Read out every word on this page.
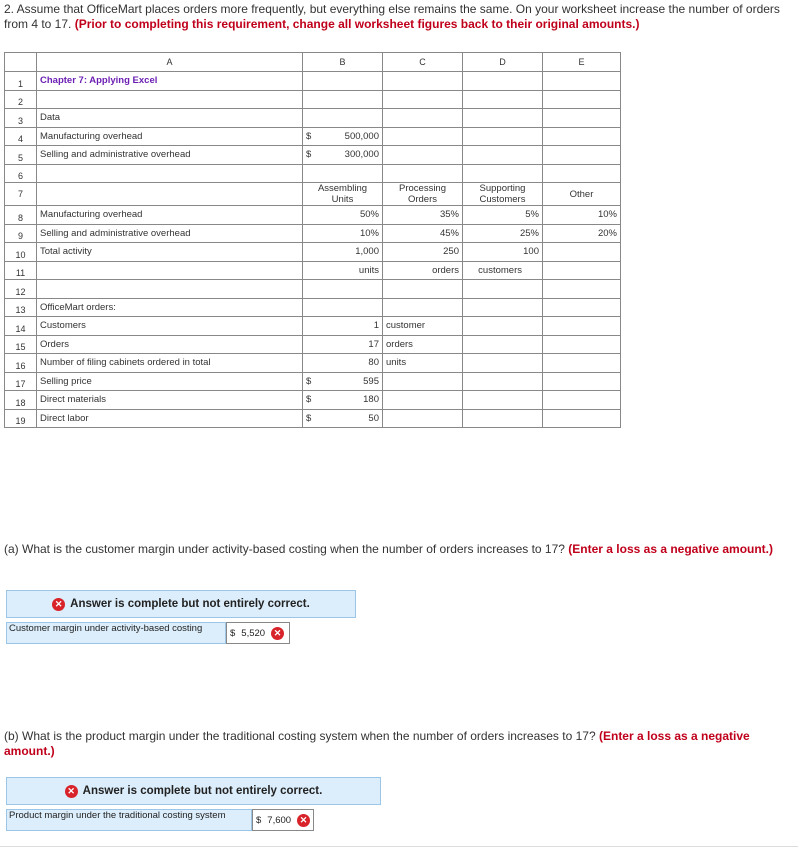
2. Assume that OfficeMart places orders more frequently, but everything else remains the same. On your worksheet increase the number of orders from 4 to 17. (Prior to completing this requirement, change all worksheet figures back to their original amounts.)
	A	B	C	D	E
1	Chapter 7: Applying Excel				
2					
3	Data				
4	Manufacturing overhead	$ 500,000			

5	Selling and administrative overhead	$ 300,000			

6					
7		Assembling Units	Processing Orders	Supporting Customers	Other
8	Manufacturing overhead	50%	35%	5%	10%
9	Selling and administrative overhead	10%	45%	25%	20%
10	Total activity	1,000	250	100	
11		units	orders	customers	
12					
13	OfficeMart orders:				
14	Customers	1	customer		
15	Orders	17	orders		
16	Number of filing cabinets ordered in total	80	units		
17	Selling price	$ 595			

18	Direct materials	$ 180			

19	Direct labor	$ 50			

(a) What is the customer margin under activity-based costing when the number of orders increases to 17? (Enter a loss as a negative amount.)
✕ Answer is complete but not entirely correct.
Customer margin under activity-based costing	$ 5,520 ✕
(b) What is the product margin under the traditional costing system when the number of orders increases to 17? (Enter a loss as a negative amount.)
✕ Answer is complete but not entirely correct.
Product margin under the traditional costing system	$ 7,600 ✕
